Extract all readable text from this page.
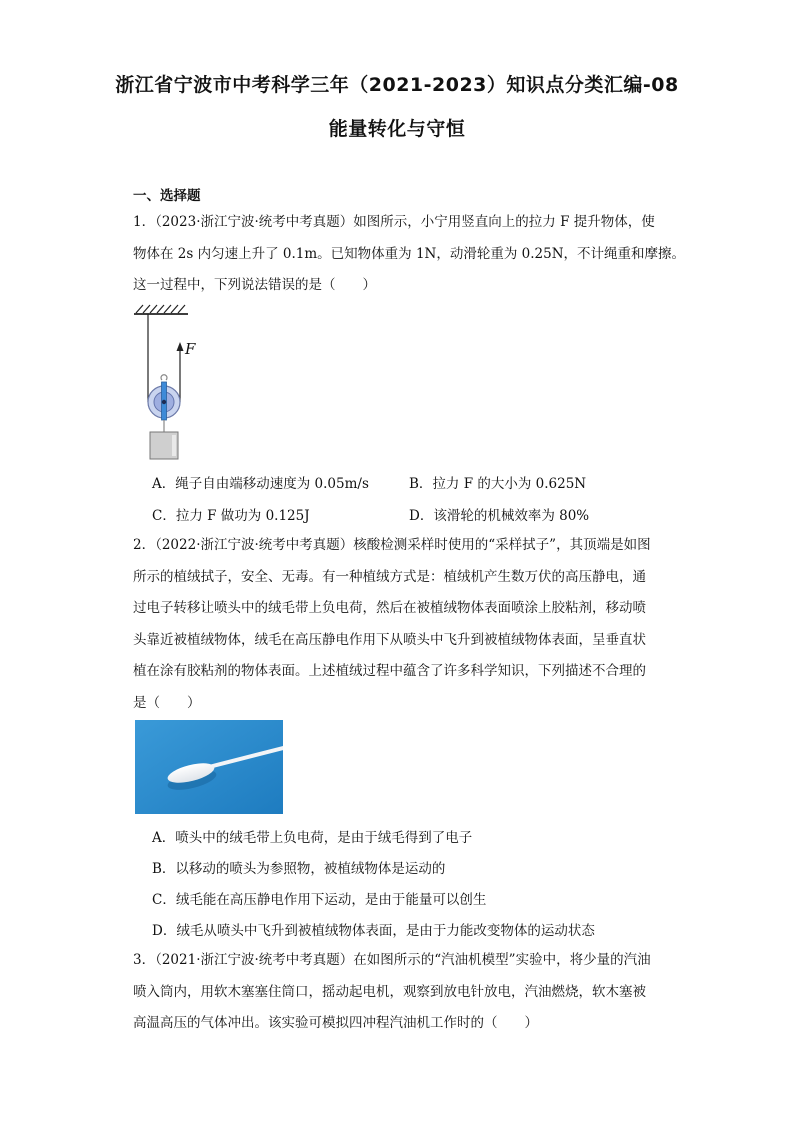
浙江省宁波市中考科学三年（2021-2023）知识点分类汇编-08
能量转化与守恒
一、选择题
1．（2023·浙江宁波·统考中考真题）如图所示，小宁用竖直向上的拉力 F 提升物体，使
物体在 2s 内匀速上升了 0.1m。已知物体重为 1N，动滑轮重为 0.25N，不计绳重和摩擦。
这一过程中，下列说法错误的是（　　）
F
A．绳子自由端移动速度为 0.05m/s	B．拉力 F 的大小为 0.625N
C．拉力 F 做功为 0.125J	D．该滑轮的机械效率为 80%
2．（2022·浙江宁波·统考中考真题）核酸检测采样时使用的“采样拭子”，其顶端是如图
所示的植绒拭子，安全、无毒。有一种植绒方式是：植绒机产生数万伏的高压静电，通
过电子转移让喷头中的绒毛带上负电荷，然后在被植绒物体表面喷涂上胶粘剂，移动喷
头靠近被植绒物体，绒毛在高压静电作用下从喷头中飞升到被植绒物体表面，呈垂直状
植在涂有胶粘剂的物体表面。上述植绒过程中蕴含了许多科学知识，下列描述不合理的
是（　　）
A．喷头中的绒毛带上负电荷，是由于绒毛得到了电子
B．以移动的喷头为参照物，被植绒物体是运动的
C．绒毛能在高压静电作用下运动，是由于能量可以创生
D．绒毛从喷头中飞升到被植绒物体表面，是由于力能改变物体的运动状态
3．（2021·浙江宁波·统考中考真题）在如图所示的“汽油机模型”实验中，将少量的汽油
喷入筒内，用软木塞塞住筒口，摇动起电机，观察到放电针放电，汽油燃烧，软木塞被
高温高压的气体冲出。该实验可模拟四冲程汽油机工作时的（　　）
